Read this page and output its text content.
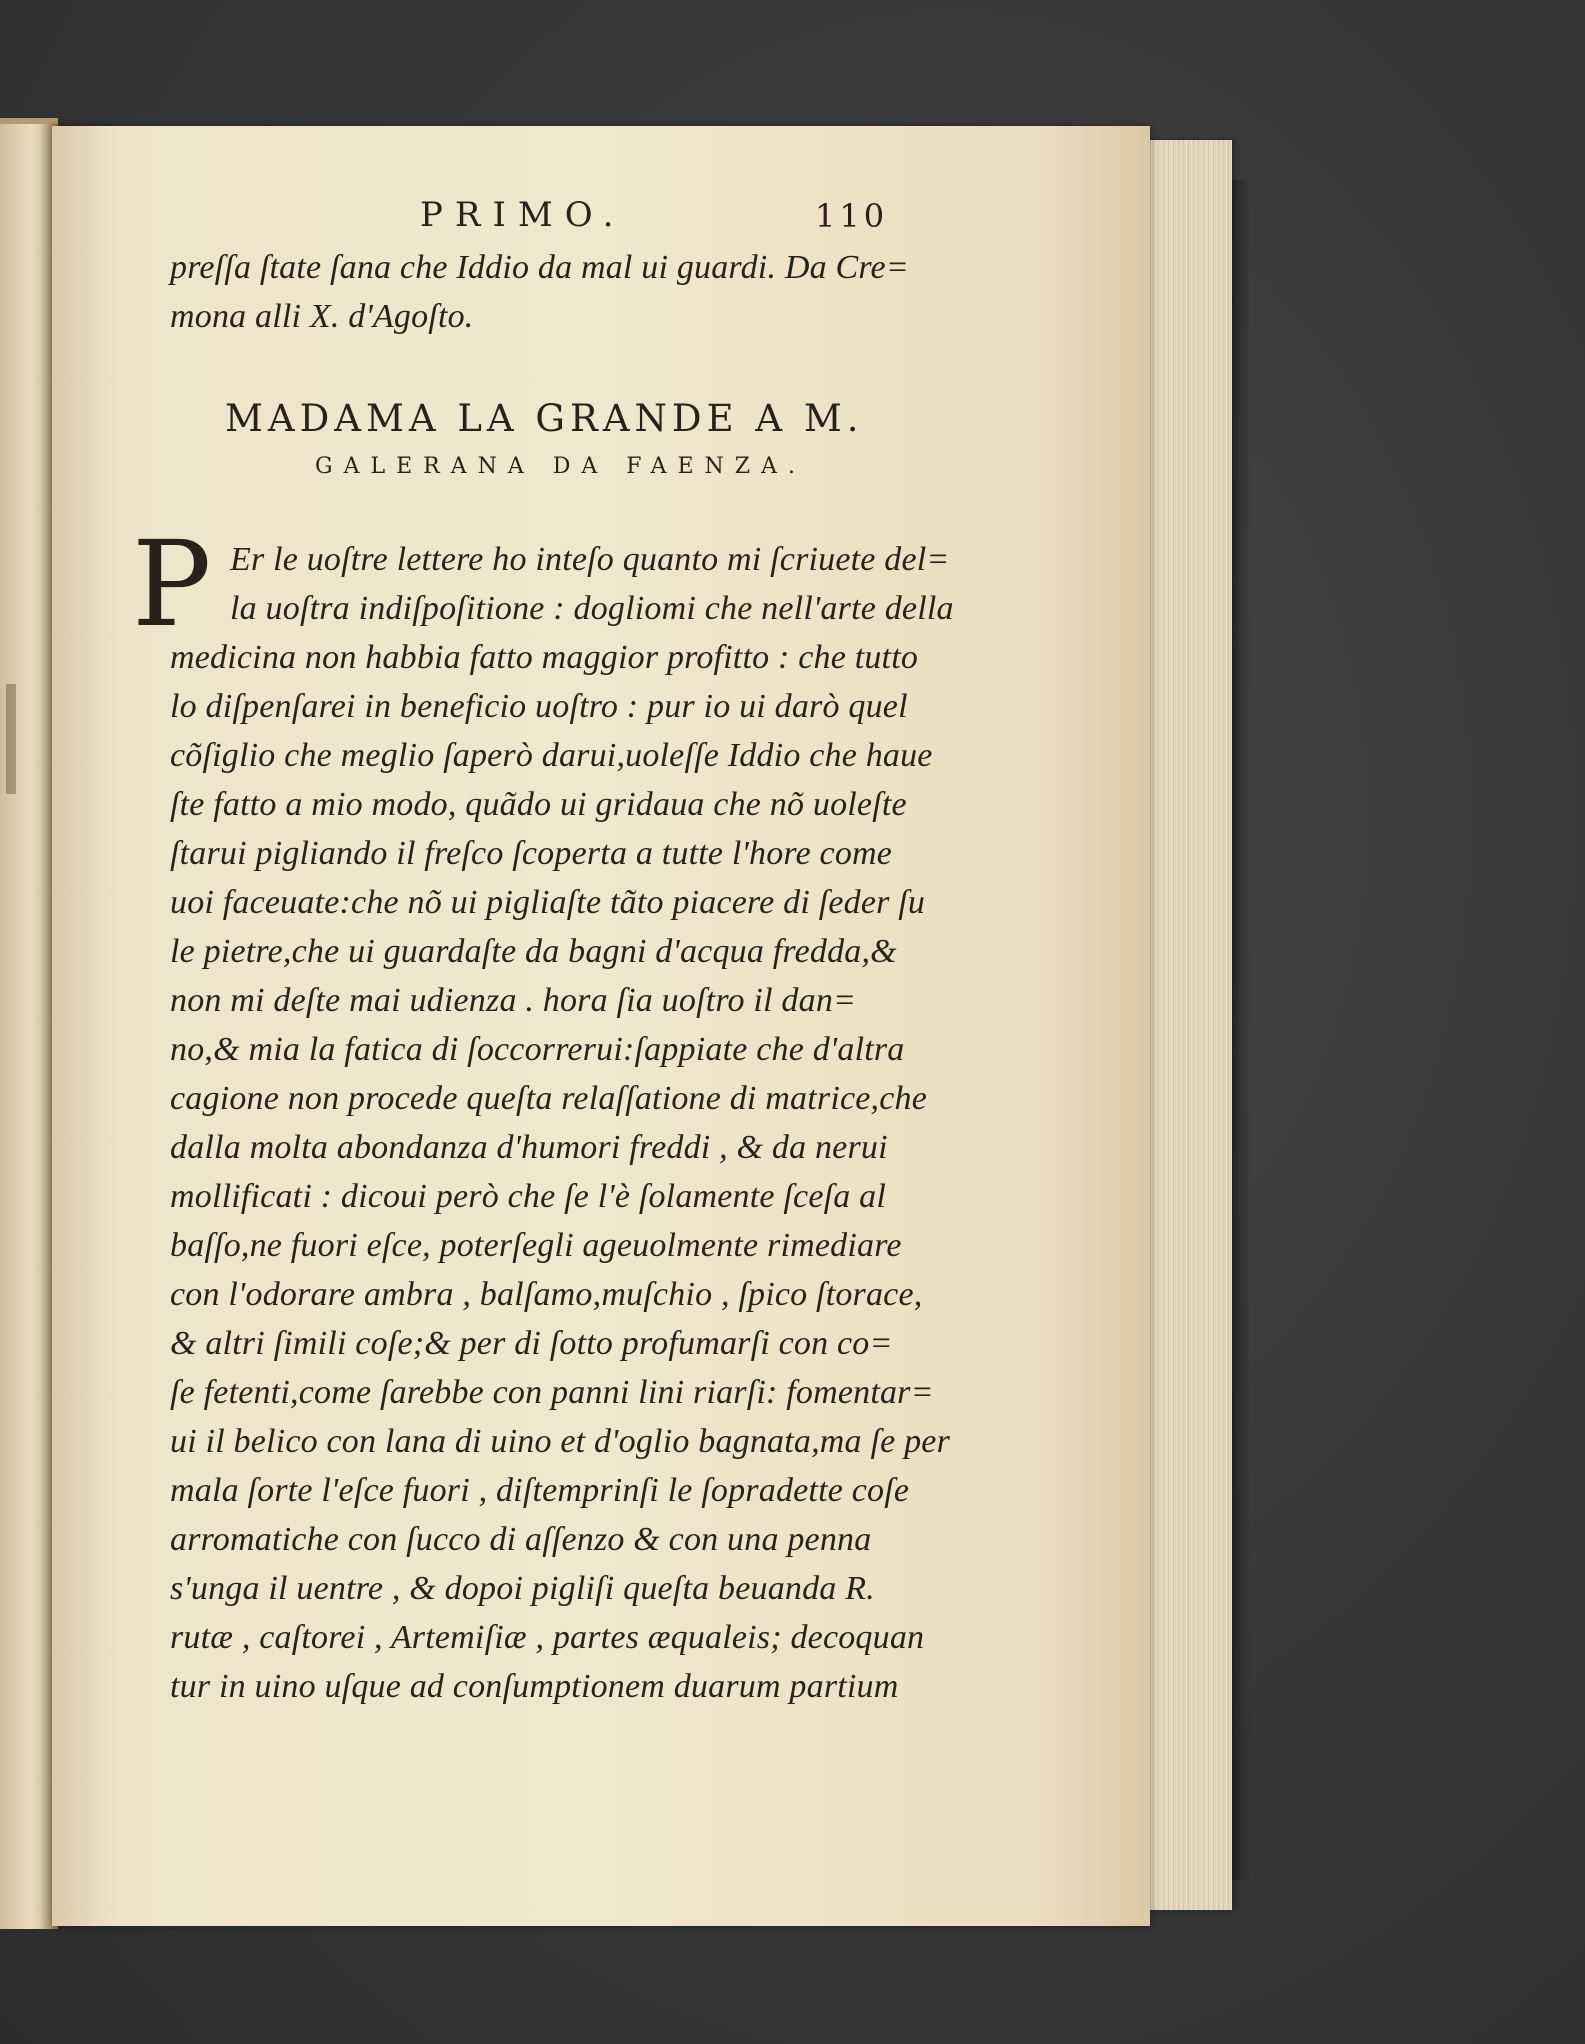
PRIMO.	110
preſſa ſtate ſana che Iddio da mal ui guardi. Da Cre=
mona alli X. d'Agoſto.
MADAMA LA GRANDE A M.
GALERANA DA FAENZA.
P Er le uoſtre lettere ho inteſo quanto mi ſcriuete del=
la uoſtra indiſpoſitione : dogliomi che nell'arte della
medicina non habbia fatto maggior profitto : che tutto
lo diſpenſarei in beneficio uoſtro : pur io ui darò quel
cõſiglio che meglio ſaperò darui,uoleſſe Iddio che haue
ſte fatto a mio modo, quãdo ui gridaua che nõ uoleſte
ſtarui pigliando il freſco ſcoperta a tutte l'hore come
uoi faceuate:che nõ ui pigliaſte tãto piacere di ſeder ſu
le pietre,che ui guardaſte da bagni d'acqua fredda,&
non mi deſte mai udienza . hora ſia uoſtro il dan=
no,& mia la fatica di ſoccorrerui:ſappiate che d'altra
cagione non procede queſta relaſſatione di matrice,che
dalla molta abondanza d'humori freddi , & da nerui
mollificati : dicoui però che ſe l'è ſolamente ſceſa al
baſſo,ne fuori eſce, poterſegli ageuolmente rimediare
con l'odorare ambra , balſamo,muſchio , ſpico ſtorace,
& altri ſimili coſe;& per di ſotto profumarſi con co=
ſe fetenti,come ſarebbe con panni lini riarſi: fomentar=
ui il belico con lana di uino et d'oglio bagnata,ma ſe per
mala ſorte l'eſce fuori , diſtemprinſi le ſopradette coſe
arromatiche con ſucco di aſſenzo & con una penna
s'unga il uentre , & dopoi pigliſi queſta beuanda R.
rutæ , caſtorei , Artemiſiæ , partes æqualeis; decoquan
tur in uino uſque ad conſumptionem duarum partium
